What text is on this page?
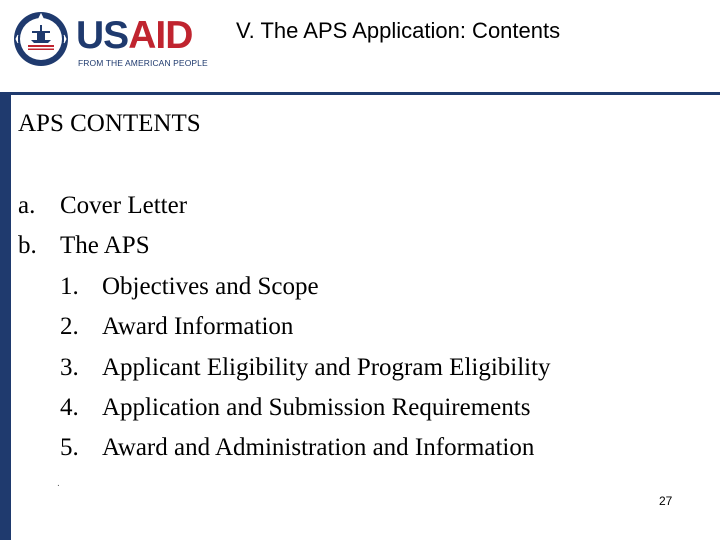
USAID
FROM THE AMERICAN PEOPLE
V. The APS Application: Contents
APS CONTENTS
a. Cover Letter
b. The APS
1. Objectives and Scope
2. Award Information
3. Applicant Eligibility and Program Eligibility
4. Application and Submission Requirements
5. Award and Administration and Information
.
27
